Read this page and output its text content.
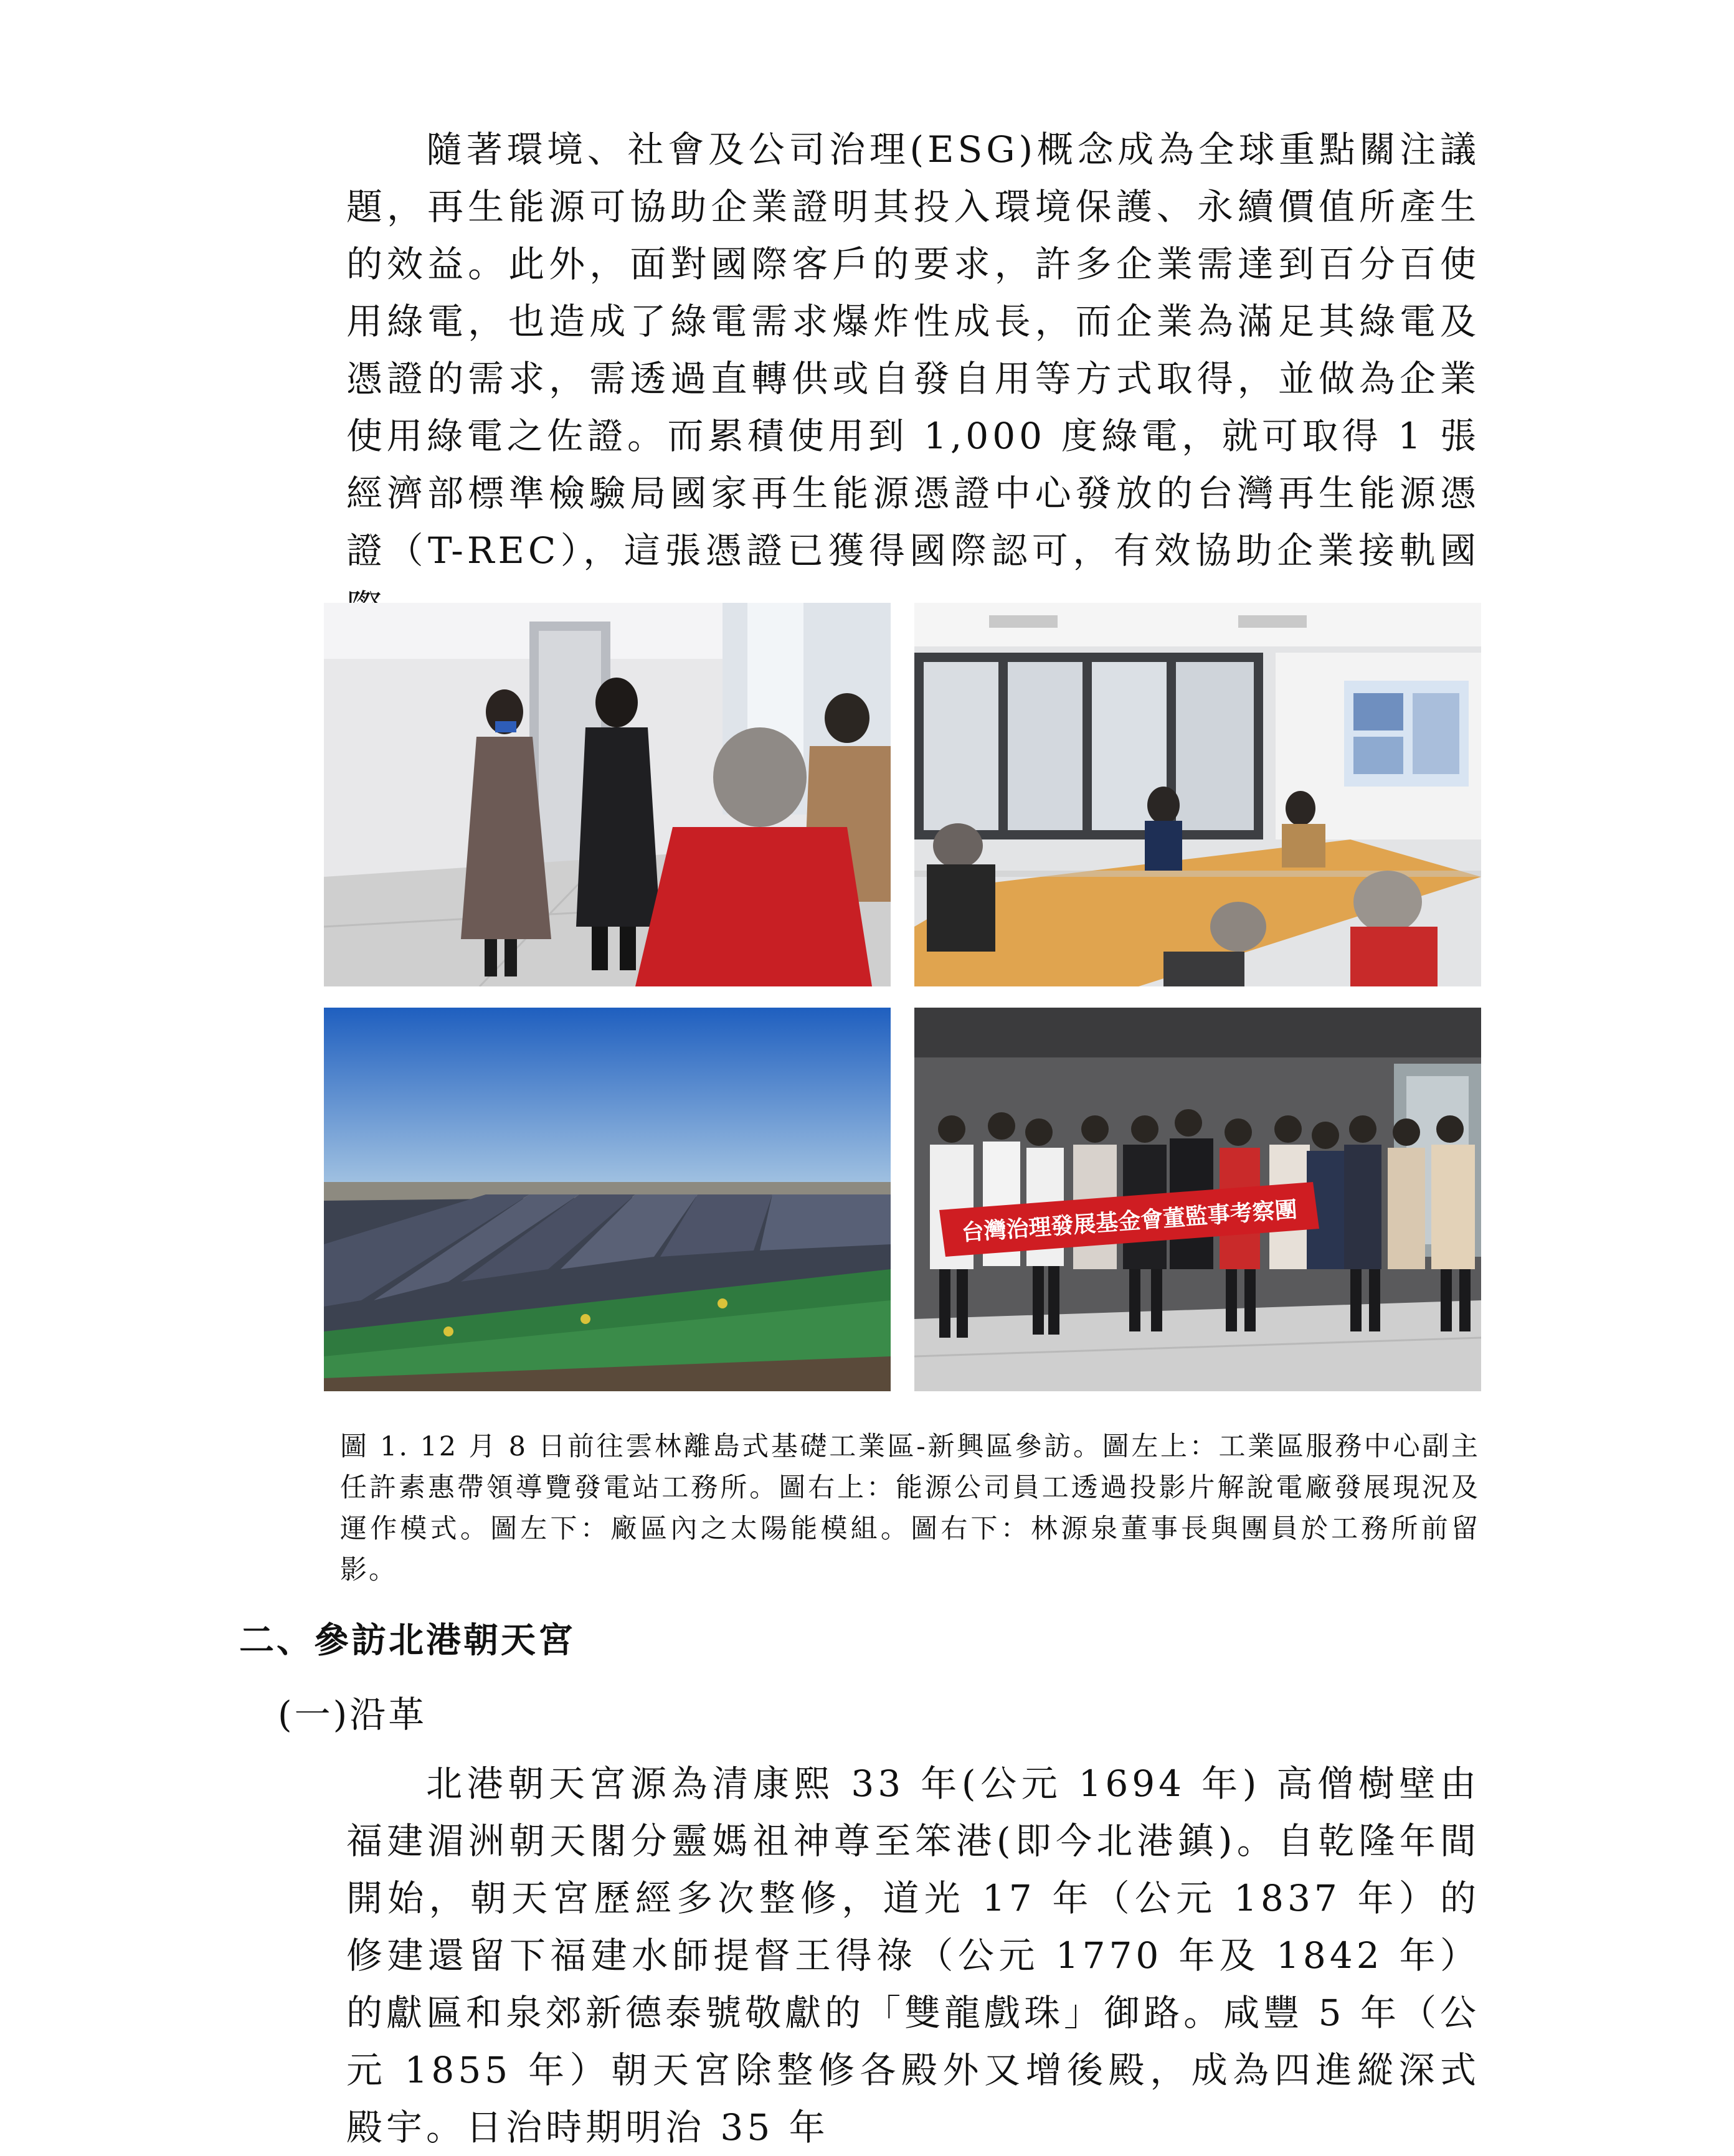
隨著環境、社會及公司治理(ESG)概念成為全球重點關注議題，再生能源可協助企業證明其投入環境保護、永續價值所產生的效益。此外，面對國際客戶的要求，許多企業需達到百分百使用綠電，也造成了綠電需求爆炸性成長，而企業為滿足其綠電及憑證的需求，需透過直轉供或自發自用等方式取得，並做為企業使用綠電之佐證。而累積使用到 1,000 度綠電，就可取得 1 張經濟部標準檢驗局國家再生能源憑證中心發放的台灣再生能源憑證（T-REC），這張憑證已獲得國際認可，有效協助企業接軌國

台灣治理發展基金會董監事考察團
圖 1. 12 月 8 日前往雲林離島式基礎工業區-新興區參訪。圖左上：工業區服務中心副主任許素惠帶領導覽發電站工務所。圖右上：能源公司員工透過投影片解說電廠發展現況及運作模式。圖左下：廠區內之太陽能模組。圖右下：林源泉董事長與團員於工務所前留影。
二、參訪北港朝天宮
(一)沿革

北港朝天宮源為清康熙 33 年(公元 1694 年) 高僧樹壁由福建湄洲朝天閣分靈媽祖神尊至笨港(即今北港鎮)。自乾隆年間開始，朝天宮歷經多次整修，道光 17 年（公元 1837 年）的修建還留下福建水師提督王得祿（公元 1770 年及 1842 年）的獻匾和泉郊新德泰號敬獻的「雙龍戲珠」御路。咸豐 5 年（公元 1855 年）朝天宮除整修各殿外又增後殿，成為四進縱深式殿宇。日治時期明治 35 年
